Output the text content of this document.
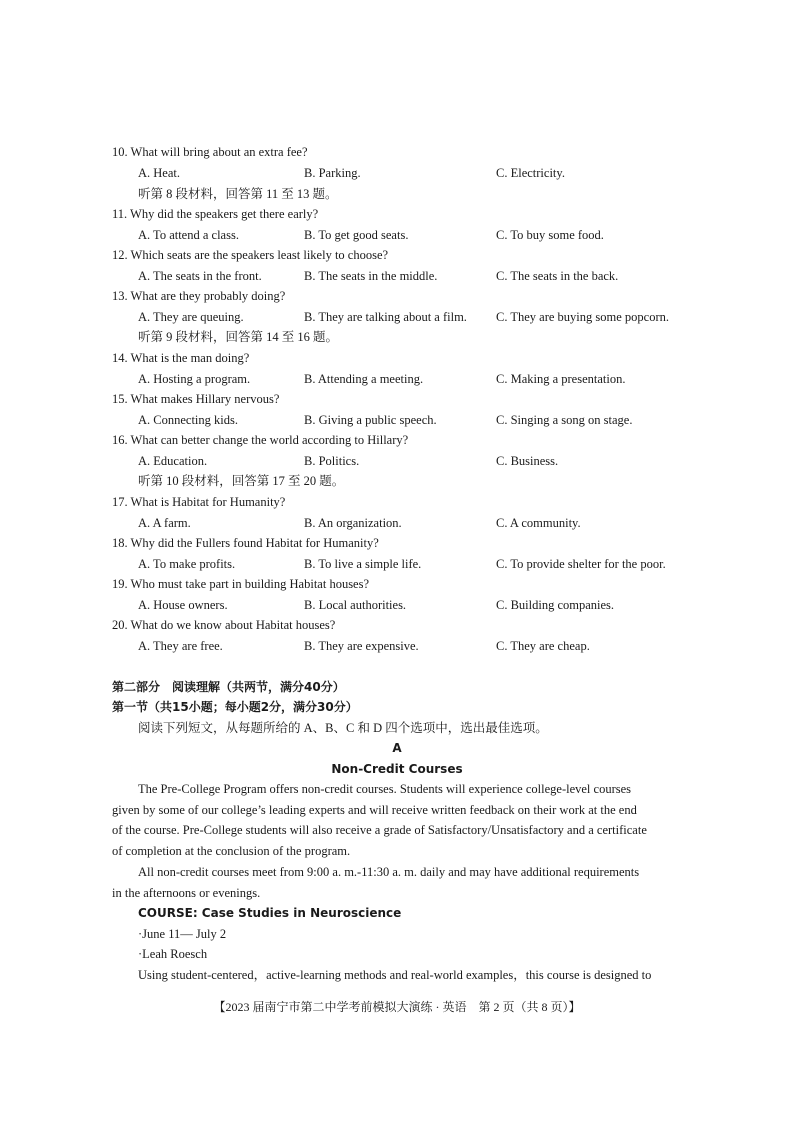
10. What will bring about an extra fee?
A. Heat.	B. Parking.	C. Electricity.
听第 8 段材料，回答第 11 至 13 题。
11. Why did the speakers get there early?
A. To attend a class.	B. To get good seats.	C. To buy some food.
12. Which seats are the speakers least likely to choose?
A. The seats in the front.	B. The seats in the middle.	C. The seats in the back.
13. What are they probably doing?
A. They are queuing.	B. They are talking about a film. C. They are buying some popcorn.
听第 9 段材料，回答第 14 至 16 题。
14. What is the man doing?
A. Hosting a program.	B. Attending a meeting.	C. Making a presentation.
15. What makes Hillary nervous?
A. Connecting kids.	B. Giving a public speech.	C. Singing a song on stage.
16. What can better change the world according to Hillary?
A. Education.	B. Politics.	C. Business.
听第 10 段材料，回答第 17 至 20 题。
17. What is Habitat for Humanity?
A. A farm.	B. An organization.	C. A community.
18. Why did the Fullers found Habitat for Humanity?
A. To make profits.	B. To live a simple life.	C. To provide shelter for the poor.
19. Who must take part in building Habitat houses?
A. House owners.	B. Local authorities.	C. Building companies.
20. What do we know about Habitat houses?
A. They are free.	B. They are expensive.	C. They are cheap.
第二部分　阅读理解（共两节，满分40分）
第一节（共15小题；每小题2分，满分30分）
阅读下列短文，从每题所给的 A、B、C 和 D 四个选项中，选出最佳选项。
A
Non-Credit Courses
The Pre-College Program offers non-credit courses. Students will experience college-level courses
given by some of our college’s leading experts and will receive written feedback on their work at the end
of the course. Pre-College students will also receive a grade of Satisfactory/Unsatisfactory and a certificate
of completion at the conclusion of the program.
All non-credit courses meet from 9:00 a. m.-11:30 a. m. daily and may have additional requirements
in the afternoons or evenings.
COURSE: Case Studies in Neuroscience
·June 11— July 2
·Leah Roesch
Using student-centered，active-learning methods and real-world examples，this course is designed to
【2023 届南宁市第二中学考前模拟大演练 · 英语　第 2 页（共 8 页）】
